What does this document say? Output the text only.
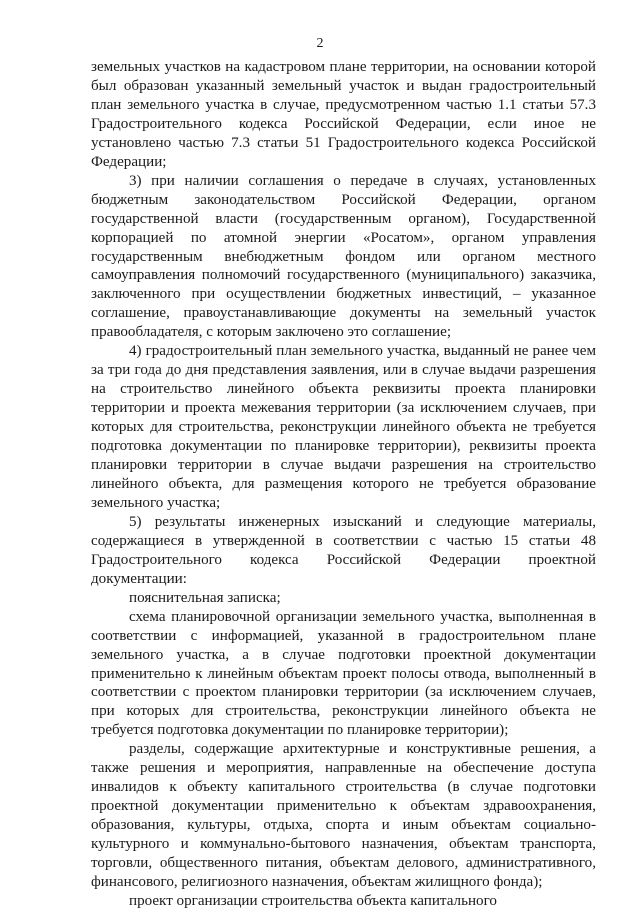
2

земельных участков на кадастровом плане территории, на основании которой был образован указанный земельный участок и выдан градостроительный план земельного участка в случае, предусмотренном частью 1.1 статьи 57.3 Градостроительного кодекса Российской Федерации, если иное не установлено частью 7.3 статьи 51 Градостроительного кодекса Российской Федерации;

3) при наличии соглашения о передаче в случаях, установленных бюджетным законодательством Российской Федерации, органом государственной власти (государственным органом), Государственной корпорацией по атомной энергии «Росатом», органом управления государственным внебюджетным фондом или органом местного самоуправления полномочий государственного (муниципального) заказчика, заключенного при осуществлении бюджетных инвестиций, – указанное соглашение, правоустанавливающие документы на земельный участок правообладателя, с которым заключено это соглашение;

4) градостроительный план земельного участка, выданный не ранее чем за три года до дня представления заявления, или в случае выдачи разрешения на строительство линейного объекта реквизиты проекта планировки территории и проекта межевания территории (за исключением случаев, при которых для строительства, реконструкции линейного объекта не требуется подготовка документации по планировке территории), реквизиты проекта планировки территории в случае выдачи разрешения на строительство линейного объекта, для размещения которого не требуется образование земельного участка;

5) результаты инженерных изысканий и следующие материалы, содержащиеся в утвержденной в соответствии с частью 15 статьи 48 Градостроительного кодекса Российской Федерации проектной документации:

пояснительная записка;

схема планировочной организации земельного участка, выполненная в соответствии с информацией, указанной в градостроительном плане земельного участка, а в случае подготовки проектной документации применительно к линейным объектам проект полосы отвода, выполненный в соответствии с проектом планировки территории (за исключением случаев, при которых для строительства, реконструкции линейного объекта не требуется подготовка документации по планировке территории);

разделы, содержащие архитектурные и конструктивные решения, а также решения и мероприятия, направленные на обеспечение доступа инвалидов к объекту капитального строительства (в случае подготовки проектной документации применительно к объектам здравоохранения, образования, культуры, отдыха, спорта и иным объектам социально-культурного и коммунально-бытового назначения, объектам транспорта, торговли, общественного питания, объектам делового, административного, финансового, религиозного назначения, объектам жилищного фонда);

проект организации строительства объекта капитального
